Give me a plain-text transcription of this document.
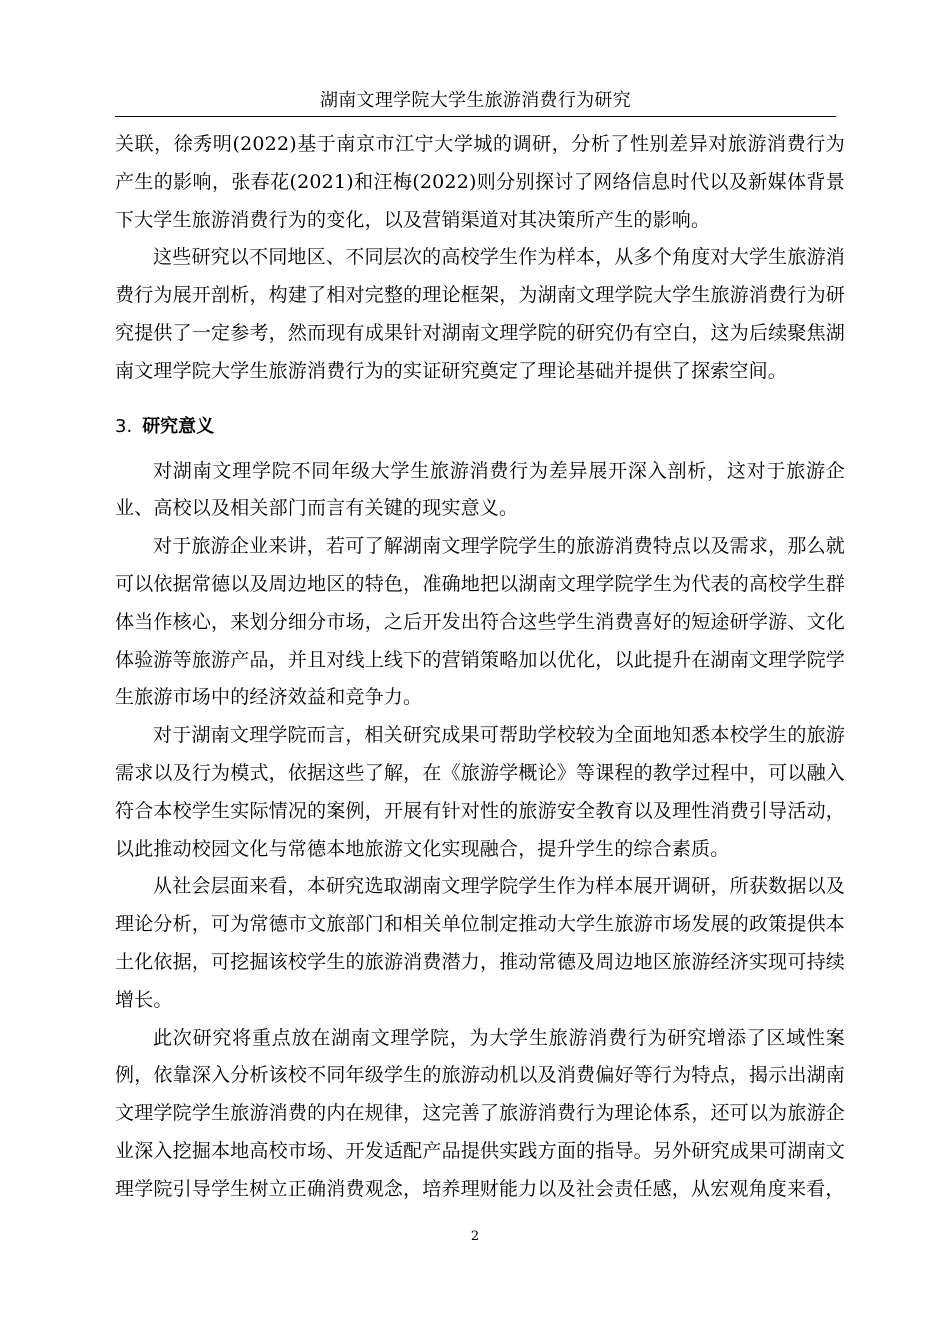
湖南文理学院大学生旅游消费行为研究

关联，徐秀明(2022)基于南京市江宁大学城的调研，分析了性别差异对旅游消费行为产生的影响，张春花(2021)和汪梅(2022)则分别探讨了网络信息时代以及新媒体背景下大学生旅游消费行为的变化，以及营销渠道对其决策所产生的影响。

这些研究以不同地区、不同层次的高校学生作为样本，从多个角度对大学生旅游消费行为展开剖析，构建了相对完整的理论框架，为湖南文理学院大学生旅游消费行为研究提供了一定参考，然而现有成果针对湖南文理学院的研究仍有空白，这为后续聚焦湖南文理学院大学生旅游消费行为的实证研究奠定了理论基础并提供了探索空间。

3. 研究意义

对湖南文理学院不同年级大学生旅游消费行为差异展开深入剖析，这对于旅游企业、高校以及相关部门而言有关键的现实意义。

对于旅游企业来讲，若可了解湖南文理学院学生的旅游消费特点以及需求，那么就可以依据常德以及周边地区的特色，准确地把以湖南文理学院学生为代表的高校学生群体当作核心，来划分细分市场，之后开发出符合这些学生消费喜好的短途研学游、文化体验游等旅游产品，并且对线上线下的营销策略加以优化，以此提升在湖南文理学院学生旅游市场中的经济效益和竞争力。

对于湖南文理学院而言，相关研究成果可帮助学校较为全面地知悉本校学生的旅游需求以及行为模式，依据这些了解，在《旅游学概论》等课程的教学过程中，可以融入符合本校学生实际情况的案例，开展有针对性的旅游安全教育以及理性消费引导活动，以此推动校园文化与常德本地旅游文化实现融合，提升学生的综合素质。

从社会层面来看，本研究选取湖南文理学院学生作为样本展开调研，所获数据以及理论分析，可为常德市文旅部门和相关单位制定推动大学生旅游市场发展的政策提供本土化依据，可挖掘该校学生的旅游消费潜力，推动常德及周边地区旅游经济实现可持续增长。

此次研究将重点放在湖南文理学院，为大学生旅游消费行为研究增添了区域性案例，依靠深入分析该校不同年级学生的旅游动机以及消费偏好等行为特点，揭示出湖南文理学院学生旅游消费的内在规律，这完善了旅游消费行为理论体系，还可以为旅游企业深入挖掘本地高校市场、开发适配产品提供实践方面的指导。另外研究成果可湖南文理学院引导学生树立正确消费观念，培养理财能力以及社会责任感，从宏观角度来看，

2
